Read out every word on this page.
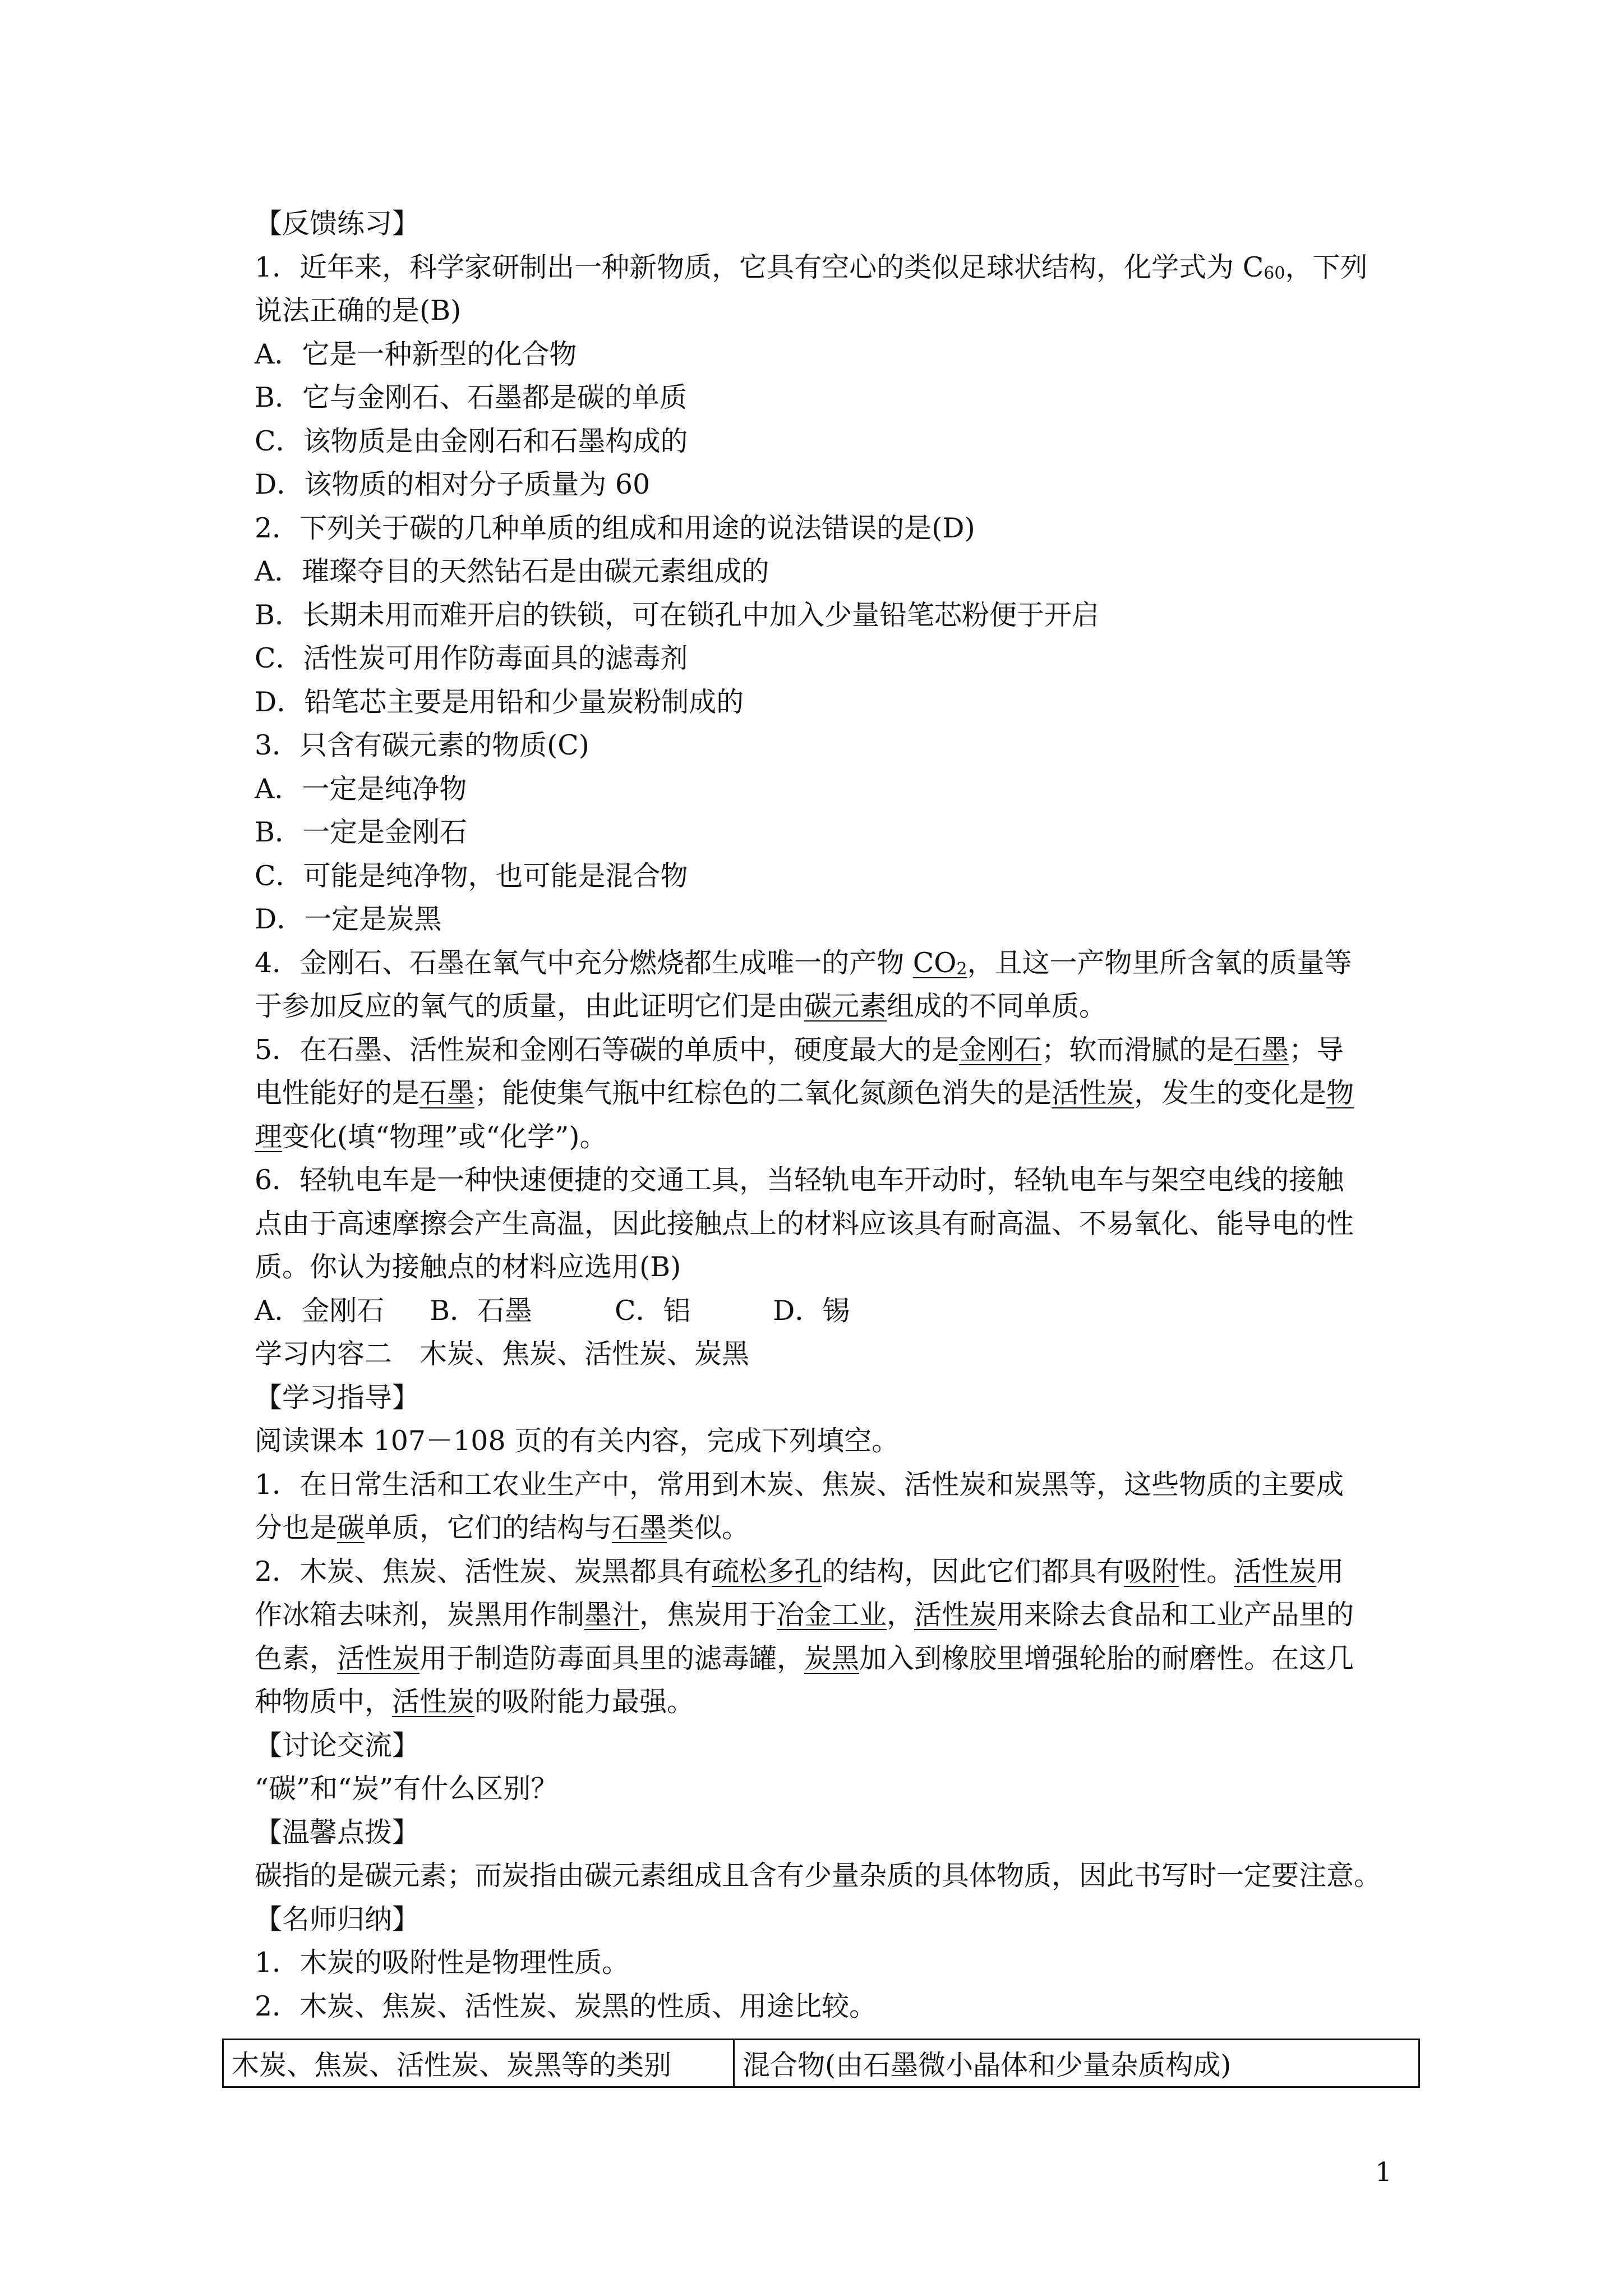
【反馈练习】

1．近年来，科学家研制出一种新物质，它具有空心的类似足球状结构，化学式为 $C_{60}$，下列

说法正确的是(B)

A．它是一种新型的化合物

B．它与金刚石、石墨都是碳的单质

C．该物质是由金刚石和石墨构成的

D．该物质的相对分子质量为 60

2．下列关于碳的几种单质的组成和用途的说法错误的是(D)

A．璀璨夺目的天然钻石是由碳元素组成的

B．长期未用而难开启的铁锁，可在锁孔中加入少量铅笔芯粉便于开启

C．活性炭可用作防毒面具的滤毒剂

D．铅笔芯主要是用铅和少量炭粉制成的

3．只含有碳元素的物质(C)

A．一定是纯净物

B．一定是金刚石

C．可能是纯净物，也可能是混合物

D．一定是炭黑

4．金刚石、石墨在氧气中充分燃烧都生成唯一的产物 $CO_2$，且这一产物里所含氧的质量等

于参加反应的氧气的质量，由此证明它们是由碳元素组成的不同单质。

5．在石墨、活性炭和金刚石等碳的单质中，硬度最大的是金刚石；软而滑腻的是石墨；导

电性能好的是石墨；能使集气瓶中红棕色的二氧化氮颜色消失的是活性炭，发生的变化是物

理变化(填“物理”或“化学”)。

6．轻轨电车是一种快速便捷的交通工具，当轻轨电车开动时，轻轨电车与架空电线的接触

点由于高速摩擦会产生高温，因此接触点上的材料应该具有耐高温、不易氧化、能导电的性

质。你认为接触点的材料应选用(B)

A．金刚石 B．石墨	C．铝	D．锡

学习内容二　木炭、焦炭、活性炭、炭黑

【学习指导】

阅读课本 107－108 页的有关内容，完成下列填空。

1．在日常生活和工农业生产中，常用到木炭、焦炭、活性炭和炭黑等，这些物质的主要成

分也是碳单质，它们的结构与石墨类似。

2．木炭、焦炭、活性炭、炭黑都具有疏松多孔的结构，因此它们都具有吸附性。活性炭用

作冰箱去味剂，炭黑用作制墨汁，焦炭用于冶金工业，活性炭用来除去食品和工业产品里的

色素，活性炭用于制造防毒面具里的滤毒罐，炭黑加入到橡胶里增强轮胎的耐磨性。在这几

种物质中，活性炭的吸附能力最强。

【讨论交流】

“碳”和“炭”有什么区别？

【温馨点拨】

碳指的是碳元素；而炭指由碳元素组成且含有少量杂质的具体物质，因此书写时一定要注意。

【名师归纳】

1．木炭的吸附性是物理性质。

2．木炭、焦炭、活性炭、炭黑的性质、用途比较。

木炭、焦炭、活性炭、炭黑等的类别	混合物(由石墨微小晶体和少量杂质构成)
1
